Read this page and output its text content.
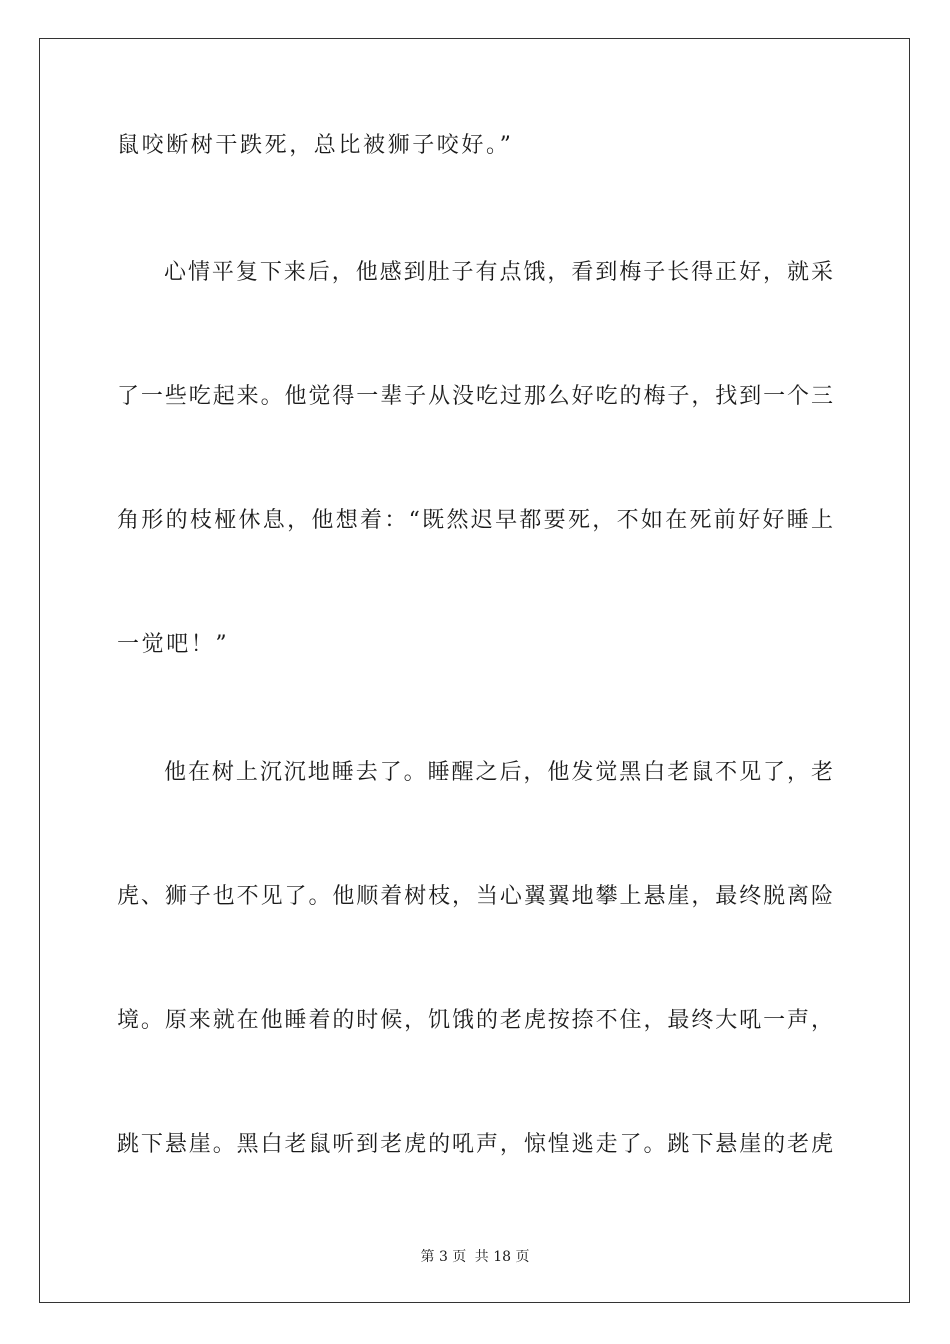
鼠咬断树干跌死，总比被狮子咬好。”
心情平复下来后，他感到肚子有点饿，看到梅子长得正好，就采
了一些吃起来。他觉得一辈子从没吃过那么好吃的梅子，找到一个三
角形的枝桠休息，他想着：“既然迟早都要死，不如在死前好好睡上
一觉吧！”
他在树上沉沉地睡去了。睡醒之后，他发觉黑白老鼠不见了，老
虎、狮子也不见了。他顺着树枝，当心翼翼地攀上悬崖，最终脱离险
境。原来就在他睡着的时候，饥饿的老虎按捺不住，最终大吼一声，
跳下悬崖。黑白老鼠听到老虎的吼声，惊惶逃走了。跳下悬崖的老虎
第 3 页 共 18 页
